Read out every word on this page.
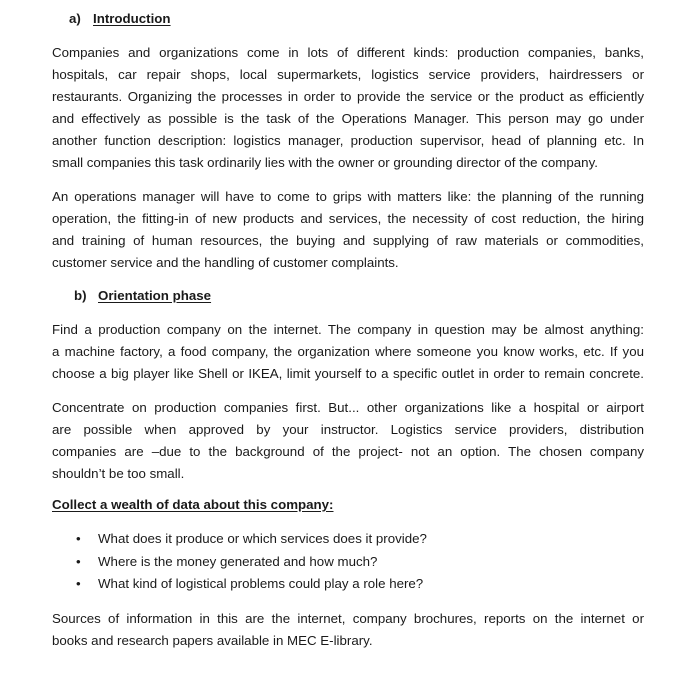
a) Introduction

Companies and organizations come in lots of different kinds: production companies, banks,
hospitals, car repair shops, local supermarkets, logistics service providers, hairdressers or
restaurants. Organizing the processes in order to provide the service or the product as efficiently
and effectively as possible is the task of the Operations Manager. This person may go under
another function description: logistics manager, production supervisor, head of planning etc. In
small companies this task ordinarily lies with the owner or grounding director of the company.

An operations manager will have to come to grips with matters like: the planning of the running
operation, the fitting-in of new products and services, the necessity of cost reduction, the hiring
and training of human resources, the buying and supplying of raw materials or commodities,
customer service and the handling of customer complaints.

b) Orientation phase

Find a production company on the internet. The company in question may be almost anything:
a machine factory, a food company, the organization where someone you know works, etc. If you
choose a big player like Shell or IKEA, limit yourself to a specific outlet in order to remain concrete.

Concentrate on production companies first. But... other organizations like a hospital or airport
are possible when approved by your instructor. Logistics service providers, distribution
companies are –due to the background of the project- not an option. The chosen company
shouldn’t be too small.

Collect a wealth of data about this company:
• What does it produce or which services does it provide?
• Where is the money generated and how much?
• What kind of logistical problems could play a role here?

Sources of information in this are the internet, company brochures, reports on the internet or
books and research papers available in MEC E-library.
